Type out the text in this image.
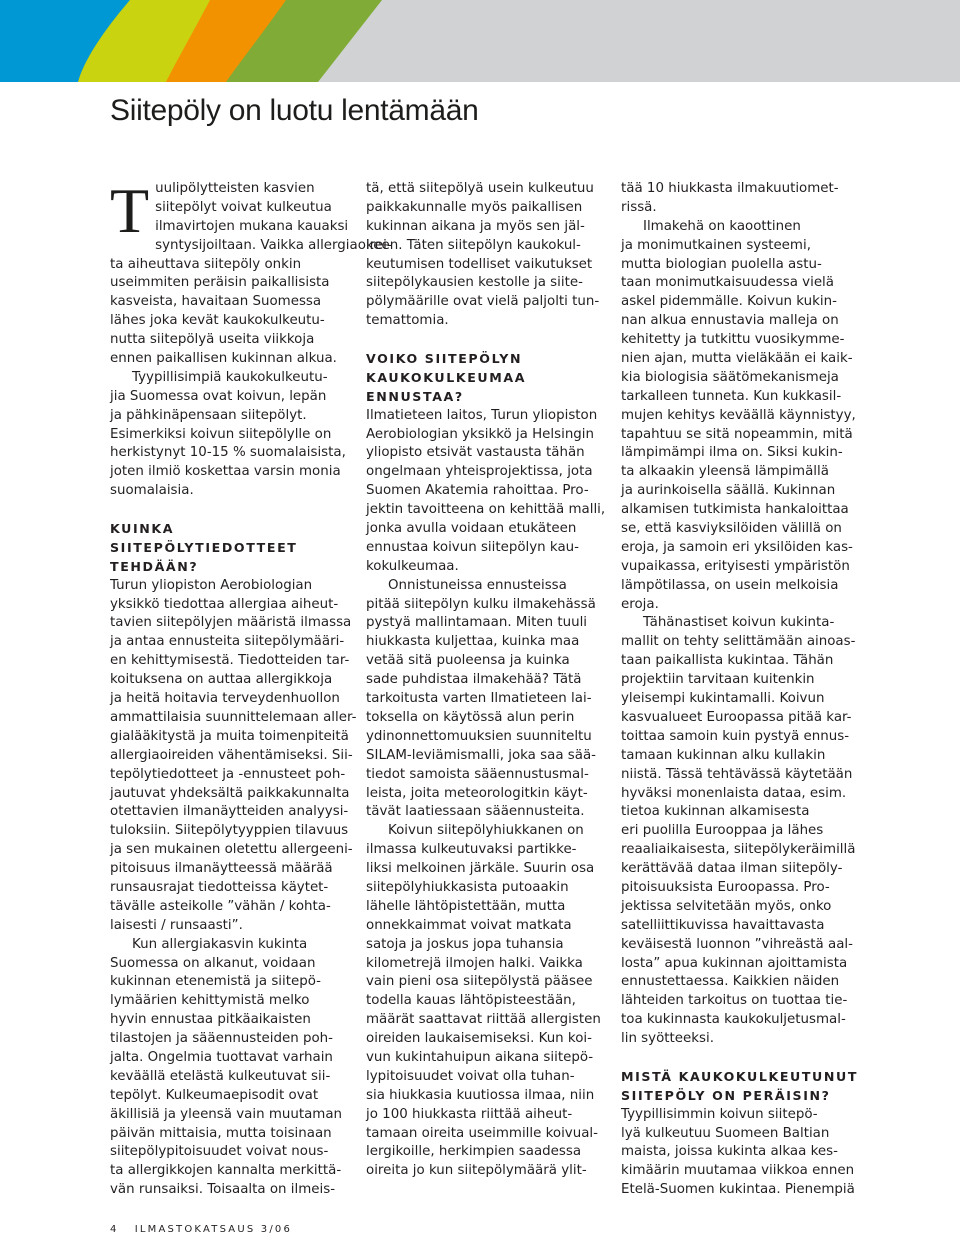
Siitepöly on luotu lentämään
T uulipölytteisten kasvien
siitepölyt voivat kulkeutua
ilmavirtojen mukana kauaksi
syntysijoiltaan. Vaikka allergiaoirei-
ta aiheuttava siitepöly onkin
useimmiten peräisin paikallisista
kasveista, havaitaan Suomessa
lähes joka kevät kaukokulkeutu-
nutta siitepölyä useita viikkoja
ennen paikallisen kukinnan alkua.
Tyypillisimpiä kaukokulkeutu-
jia Suomessa ovat koivun, lepän
ja pähkinäpensaan siitepölyt.
Esimerkiksi koivun siitepölylle on
herkistynyt 10-15 % suomalaisista,
joten ilmiö koskettaa varsin monia
suomalaisia.
KUINKA
SIITEPÖLYTIEDOTTEET
TEHDÄÄN?
Turun yliopiston Aerobiologian
yksikkö tiedottaa allergiaa aiheut-
tavien siitepölyjen määristä ilmassa
ja antaa ennusteita siitepölymääri-
en kehittymisestä. Tiedotteiden tar-
koituksena on auttaa allergikkoja
ja heitä hoitavia terveydenhuollon
ammattilaisia suunnittelemaan aller-
gialääkitystä ja muita toimenpiteitä
allergiaoireiden vähentämiseksi. Sii-
tepölytiedotteet ja -ennusteet poh-
jautuvat yhdeksältä paikkakunnalta
otettavien ilmanäytteiden analyysi-
tuloksiin. Siitepölytyyppien tilavuus
ja sen mukainen oletettu allergeeni-
pitoisuus ilmanäytteessä määrää
runsausrajat tiedotteissa käytet-
tävälle asteikolle ”vähän / kohta-
laisesti / runsaasti”.
Kun allergiakasvin kukinta
Suomessa on alkanut, voidaan
kukinnan etenemistä ja siitepö-
lymäärien kehittymistä melko
hyvin ennustaa pitkäaikaisten
tilastojen ja sääennusteiden poh-
jalta. Ongelmia tuottavat varhain
keväällä etelästä kulkeutuvat sii-
tepölyt. Kulkeumaepisodit ovat
äkillisiä ja yleensä vain muutaman
päivän mittaisia, mutta toisinaan
siitepölypitoisuudet voivat nous-
ta allergikkojen kannalta merkittä-
vän runsaiksi. Toisaalta on ilmeis-
tä, että siitepölyä usein kulkeutuu
paikkakunnalle myös paikallisen
kukinnan aikana ja myös sen jäl-
keen. Täten siitepölyn kaukokul-
keutumisen todelliset vaikutukset
siitepölykausien kestolle ja siite-
pölymäärille ovat vielä paljolti tun-
temattomia.
VOIKO SIITEPÖLYN
KAUKOKULKEUMAA
ENNUSTAA?
Ilmatieteen laitos, Turun yliopiston
Aerobiologian yksikkö ja Helsingin
yliopisto etsivät vastausta tähän
ongelmaan yhteisprojektissa, jota
Suomen Akatemia rahoittaa. Pro-
jektin tavoitteena on kehittää malli,
jonka avulla voidaan etukäteen
ennustaa koivun siitepölyn kau-
kokulkeumaa.
Onnistuneissa ennusteissa
pitää siitepölyn kulku ilmakehässä
pystyä mallintamaan. Miten tuuli
hiukkasta kuljettaa, kuinka maa
vetää sitä puoleensa ja kuinka
sade puhdistaa ilmakehää? Tätä
tarkoitusta varten Ilmatieteen lai-
toksella on käytössä alun perin
ydinonnettomuuksien suunniteltu
SILAM-leviämismalli, joka saa sää-
tiedot samoista sääennustusmal-
leista, joita meteorologitkin käyt-
tävät laatiessaan sääennusteita.
Koivun siitepölyhiukkanen on
ilmassa kulkeutuvaksi partikke-
liksi melkoinen järkäle. Suurin osa
siitepölyhiukkasista putoaakin
lähelle lähtöpistettään, mutta
onnekkaimmat voivat matkata
satoja ja joskus jopa tuhansia
kilometrejä ilmojen halki. Vaikka
vain pieni osa siitepölystä pääsee
todella kauas lähtöpisteestään,
määrät saattavat riittää allergisten
oireiden laukaisemiseksi. Kun koi-
vun kukintahuipun aikana siitepö-
lypitoisuudet voivat olla tuhan-
sia hiukkasia kuutiossa ilmaa, niin
jo 100 hiukkasta riittää aiheut-
tamaan oireita useimmille koivual-
lergikoille, herkimpien saadessa
oireita jo kun siitepölymäärä ylit-
tää 10 hiukkasta ilmakuutiomet-
rissä.
Ilmakehä on kaoottinen
ja monimutkainen systeemi,
mutta biologian puolella astu-
taan monimutkaisuudessa vielä
askel pidemmälle. Koivun kukin-
nan alkua ennustavia malleja on
kehitetty ja tutkittu vuosikymme-
nien ajan, mutta vieläkään ei kaik-
kia biologisia säätömekanismeja
tarkalleen tunneta. Kun kukkasil-
mujen kehitys keväällä käynnistyy,
tapahtuu se sitä nopeammin, mitä
lämpimämpi ilma on. Siksi kukin-
ta alkaakin yleensä lämpimällä
ja aurinkoisella säällä. Kukinnan
alkamisen tutkimista hankaloittaa
se, että kasviyksilöiden välillä on
eroja, ja samoin eri yksilöiden kas-
vupaikassa, erityisesti ympäristön
lämpötilassa, on usein melkoisia
eroja.
Tähänastiset koivun kukinta-
mallit on tehty selittämään ainoas-
taan paikallista kukintaa. Tähän
projektiin tarvitaan kuitenkin
yleisempi kukintamalli. Koivun
kasvualueet Euroopassa pitää kar-
toittaa samoin kuin pystyä ennus-
tamaan kukinnan alku kullakin
niistä. Tässä tehtävässä käytetään
hyväksi monenlaista dataa, esim.
tietoa kukinnan alkamisesta
eri puolilla Eurooppaa ja lähes
reaaliaikaisesta, siitepölykeräimillä
kerättävää dataa ilman siitepöly-
pitoisuuksista Euroopassa. Pro-
jektissa selvitetään myös, onko
satelliittikuvissa havaittavasta
keväisestä luonnon ”vihreästä aal-
losta” apua kukinnan ajoittamista
ennustettaessa. Kaikkien näiden
lähteiden tarkoitus on tuottaa tie-
toa kukinnasta kaukokuljetusmal-
lin syötteeksi.
MISTÄ KAUKOKULKEUTUNUT
SIITEPÖLY ON PERÄISIN?
Tyypillisimmin koivun siitepö-
lyä kulkeutuu Suomeen Baltian
maista, joissa kukinta alkaa kes-
kimäärin muutamaa viikkoa ennen
Etelä-Suomen kukintaa. Pienempiä
4 ILMASTOKATSAUS 3/06
